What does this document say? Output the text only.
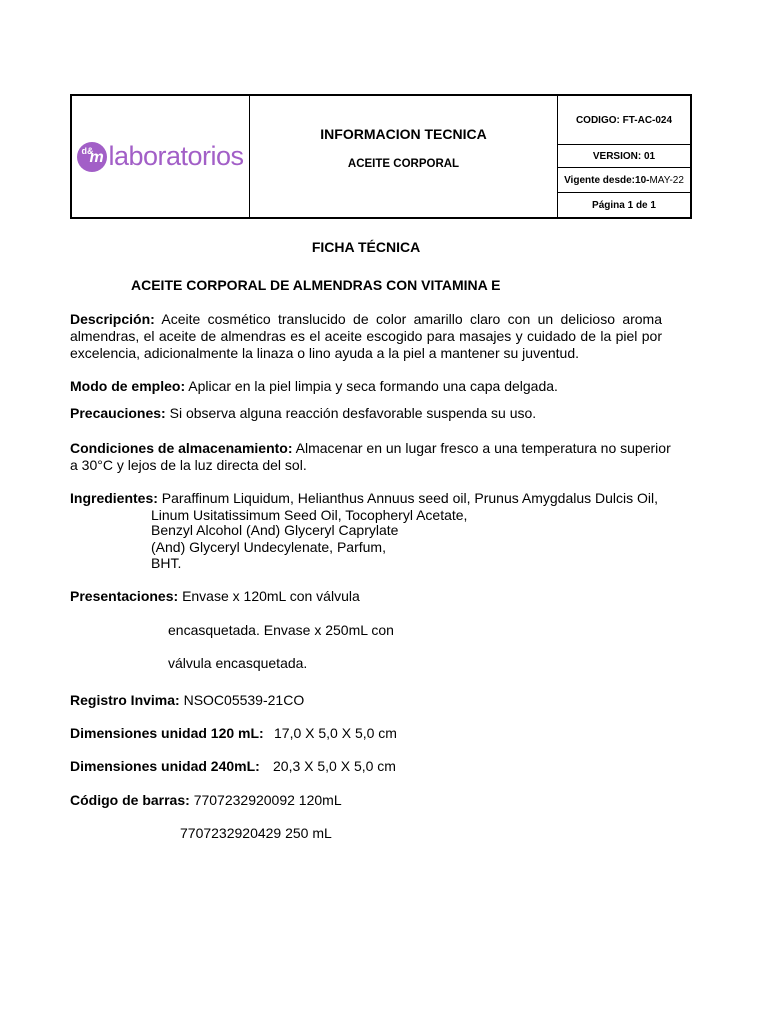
d&
m laboratorios
INFORMACION TECNICA
ACEITE CORPORAL
CODIGO: FT-AC-024
VERSION: 01
Vigente desde:10- MAY-22
Página 1 de 1
FICHA TÉCNICA
ACEITE CORPORAL DE ALMENDRAS CON VITAMINA E
Descripción: Aceite cosmético translucido de color amarillo claro con un delicioso aroma almendras, el aceite de almendras es el aceite escogido para masajes y cuidado de la piel por excelencia, adicionalmente la linaza o lino ayuda a la piel a mantener su juventud.
Modo de empleo: Aplicar en la piel limpia y seca formando una capa delgada.
Precauciones: Si observa alguna reacción desfavorable suspenda su uso.
Condiciones de almacenamiento: Almacenar en un lugar fresco a una temperatura no superior
a 30°C y lejos de la luz directa del sol.
Ingredientes: Paraffinum Liquidum, Helianthus Annuus seed oil, Prunus Amygdalus Dulcis Oil,
Linum Usitatissimum Seed Oil, Tocopheryl Acetate,
Benzyl Alcohol (And) Glyceryl Caprylate
(And) Glyceryl Undecylenate, Parfum,
BHT.
Presentaciones: Envase x 120mL con válvula
encasquetada. Envase x 250mL con
válvula encasquetada.
Registro Invima: NSOC05539-21CO
Dimensiones unidad 120 mL: 17,0 X 5,0 X 5,0 cm
Dimensiones unidad 240mL: 20,3 X 5,0 X 5,0 cm
Código de barras: 7707232920092 120mL
7707232920429 250 mL
